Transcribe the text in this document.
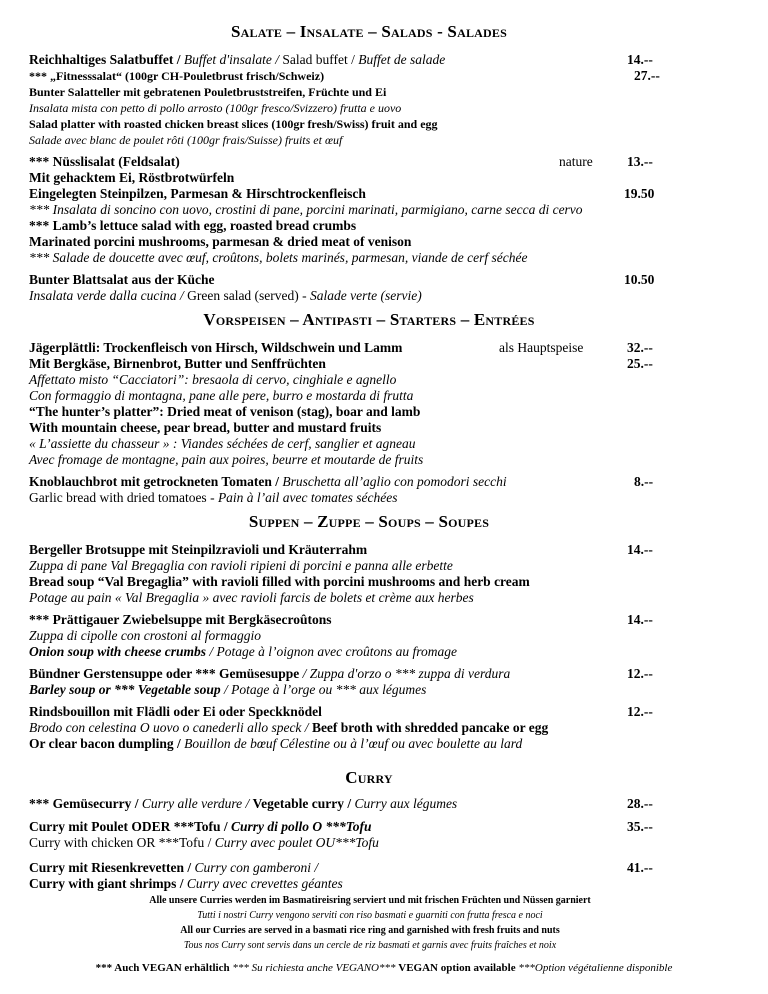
Salate – Insalate – Salads - Salades
Reichhaltiges Salatbuffet / Buffet d'insalate / Salad buffet / Buffet de salade	14.--
*** „Fitnesssalat“ (100gr CH-Pouletbrust frisch/Schweiz)	27.--
Bunter Salatteller mit gebratenen Pouletbruststreifen, Früchte und Ei
Insalata mista con petto di pollo arrosto (100gr fresco/Svizzero) frutta e uovo
Salad platter with roasted chicken breast slices (100gr fresh/Swiss) fruit and egg
Salade avec blanc de poulet rôti (100gr frais/Suisse) fruits et œuf
*** Nüsslisalat (Feldsalat)	nature	13.--
Mit gehacktem Ei, Röstbrotwürfeln
Eingelegten Steinpilzen, Parmesan & Hirschtrockenfleisch	19.50
*** Insalata di soncino con uovo, crostini di pane, porcini marinati, parmigiano, carne secca di cervo
*** Lamb’s lettuce salad with egg, roasted bread crumbs
Marinated porcini mushrooms, parmesan & dried meat of venison
*** Salade de doucette avec œuf, croûtons, bolets marinés, parmesan, viande de cerf séchée
Bunter Blattsalat aus der Küche	10.50
Insalata verde dalla cucina / Green salad (served) - Salade verte (servie)
Vorspeisen – Antipasti – Starters – Entrées
Jägerplättli: Trockenfleisch von Hirsch, Wildschwein und Lamm	als Hauptspeise	32.--
Mit Bergkäse, Birnenbrot, Butter und Senffrüchten	25.--
Affettato misto “Cacciatori”: bresaola di cervo, cinghiale e agnello
Con formaggio di montagna, pane alle pere, burro e mostarda di frutta
“The hunter’s platter”: Dried meat of venison (stag), boar and lamb
With mountain cheese, pear bread, butter and mustard fruits
« L’assiette du chasseur » : Viandes séchées de cerf, sanglier et agneau
Avec fromage de montagne, pain aux poires, beurre et moutarde de fruits
Knoblauchbrot mit getrockneten Tomaten / Bruschetta all’aglio con pomodori secchi	8.--
Garlic bread with dried tomatoes - Pain à l’ail avec tomates séchées
Suppen – Zuppe – Soups – Soupes
Bergeller Brotsuppe mit Steinpilzravioli und Kräuterrahm	14.--
Zuppa di pane Val Bregaglia con ravioli ripieni di porcini e panna alle erbette
Bread soup “Val Bregaglia” with ravioli filled with porcini mushrooms and herb cream
Potage au pain « Val Bregaglia » avec ravioli farcis de bolets et crème aux herbes
*** Prättigauer Zwiebelsuppe mit Bergkäsecroûtons	14.--
Zuppa di cipolle con crostoni al formaggio
Onion soup with cheese crumbs / Potage à l’oignon avec croûtons au fromage
Bündner Gerstensuppe oder *** Gemüsesuppe / Zuppa d'orzo o *** zuppa di verdura	12.--
Barley soup or *** Vegetable soup / Potage à l’orge ou *** aux légumes
Rindsbouillon mit Flädli oder Ei oder Speckknödel	12.--
Brodo con celestina O uovo o canederli allo speck / Beef broth with shredded pancake or egg
Or clear bacon dumpling / Bouillon de bœuf Célestine ou à l’œuf ou avec boulette au lard
Curry
*** Gemüsecurry / Curry alle verdure / Vegetable curry / Curry aux légumes	28.--
Curry mit Poulet ODER ***Tofu / Curry di pollo O ***Tofu	35.--
Curry with chicken OR ***Tofu / Curry avec poulet OU***Tofu
Curry mit Riesenkrevetten / Curry con gamberoni /	41.--
Curry with giant shrimps / Curry avec crevettes géantes
Alle unsere Curries werden im Basmatireisring serviert und mit frischen Früchten und Nüssen garniert
Tutti i nostri Curry vengono serviti con riso basmati e guarniti con frutta fresca e noci
All our Curries are served in a basmati rice ring and garnished with fresh fruits and nuts
Tous nos Curry sont servis dans un cercle de riz basmati et garnis avec fruits fraîches et noix
*** Auch VEGAN erhältlich *** Su richiesta anche VEGANO*** VEGAN option available ***Option végétalienne disponible
